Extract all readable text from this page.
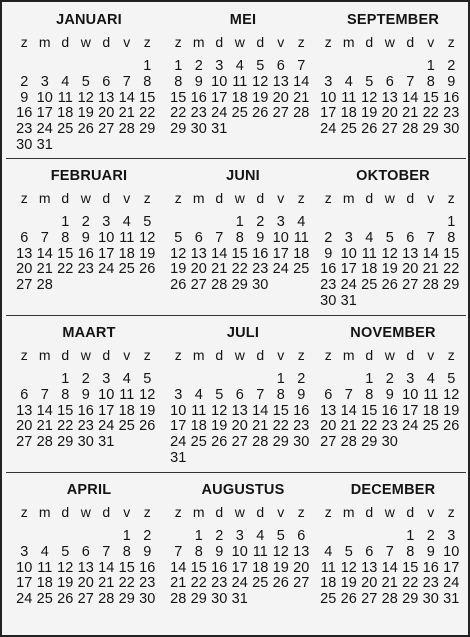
JANUARI
z m d w d v z
1
2 3 4 5 6 7 8
9 10 11 12 13 14 15
16 17 18 19 20 21 22
23 24 25 26 27 28 29
30 31
MEI
z m d w d v z
1 2 3 4 5 6 7
8 9 10 11 12 13 14
15 16 17 18 19 20 21
22 23 24 25 26 27 28
29 30 31
SEPTEMBER
z m d w d v z
1 2
3 4 5 6 7 8 9
10 11 12 13 14 15 16
17 18 19 20 21 22 23
24 25 26 27 28 29 30
FEBRUARI
z m d w d v z
1 2 3 4 5
6 7 8 9 10 11 12
13 14 15 16 17 18 19
20 21 22 23 24 25 26
27 28
JUNI
z m d w d v z
1 2 3 4
5 6 7 8 9 10 11
12 13 14 15 16 17 18
19 20 21 22 23 24 25
26 27 28 29 30
OKTOBER
z m d w d v z
1
2 3 4 5 6 7 8
9 10 11 12 13 14 15
16 17 18 19 20 21 22
23 24 25 26 27 28 29
30 31
MAART
z m d w d v z
1 2 3 4 5
6 7 8 9 10 11 12
13 14 15 16 17 18 19
20 21 22 23 24 25 26
27 28 29 30 31
JULI
z m d w d v z
1 2
3 4 5 6 7 8 9
10 11 12 13 14 15 16
17 18 19 20 21 22 23
24 25 26 27 28 29 30
31
NOVEMBER
z m d w d v z
1 2 3 4 5
6 7 8 9 10 11 12
13 14 15 16 17 18 19
20 21 22 23 24 25 26
27 28 29 30
APRIL
z m d w d v z
1 2
3 4 5 6 7 8 9
10 11 12 13 14 15 16
17 18 19 20 21 22 23
24 25 26 27 28 29 30
AUGUSTUS
z m d w d v z
1 2 3 4 5 6
7 8 9 10 11 12 13
14 15 16 17 18 19 20
21 22 23 24 25 26 27
28 29 30 31
DECEMBER
z m d w d v z
1 2 3
4 5 6 7 8 9 10
11 12 13 14 15 16 17
18 19 20 21 22 23 24
25 26 27 28 29 30 31
